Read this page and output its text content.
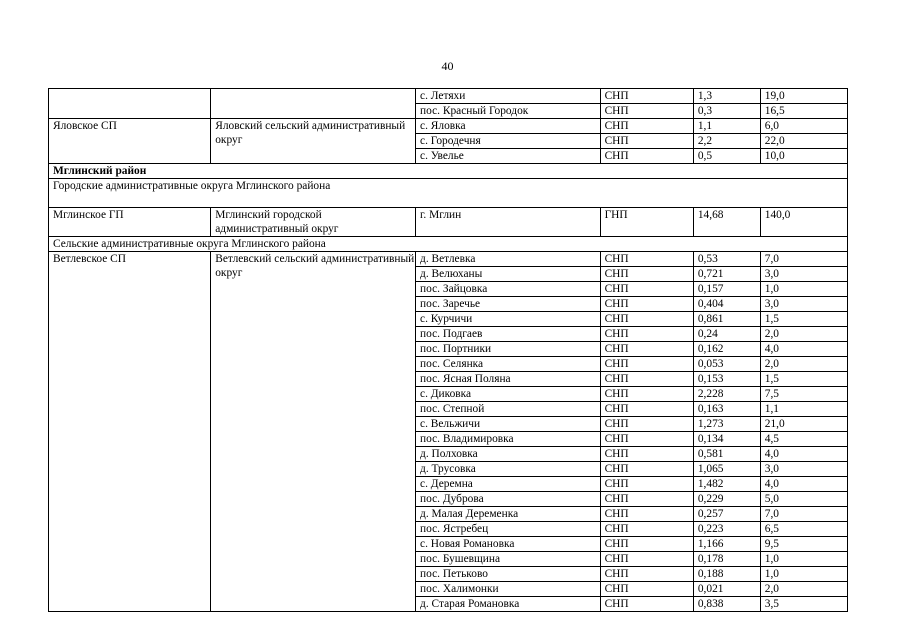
40
		с. Летяхи	СНП	1,3	19,0
		пос. Красный Городок	СНП	0,3	16,5
Яловское СП	Яловский сельский административный округ	с. Яловка	СНП	1,1	6,0
		с. Городечня	СНП	2,2	22,0
		с. Увелье	СНП	0,5	10,0
Мглинский район					
Городские административные округа Мглинского района					
Мглинское ГП	Мглинский городской административный округ	г. Мглин	ГНП	14,68	140,0
Сельские административные округа Мглинского района					
Ветлевское СП	Ветлевский сельский административный округ	д. Ветлевка	СНП	0,53	7,0
		д. Велюханы	СНП	0,721	3,0
		пос. Зайцовка	СНП	0,157	1,0
		пос. Заречье	СНП	0,404	3,0
		с. Курчичи	СНП	0,861	1,5
		пос. Подгаев	СНП	0,24	2,0
		пос. Портники	СНП	0,162	4,0
		пос. Селянка	СНП	0,053	2,0
		пос. Ясная Поляна	СНП	0,153	1,5
		с. Диковка	СНП	2,228	7,5
		пос. Степной	СНП	0,163	1,1
		с. Вельжичи	СНП	1,273	21,0
		пос. Владимировка	СНП	0,134	4,5
		д. Полховка	СНП	0,581	4,0
		д. Трусовка	СНП	1,065	3,0
		с. Деремна	СНП	1,482	4,0
		пос. Дуброва	СНП	0,229	5,0
		д. Малая Деременка	СНП	0,257	7,0
		пос. Ястребец	СНП	0,223	6,5
		с. Новая Романовка	СНП	1,166	9,5
		пос. Бушевщина	СНП	0,178	1,0
		пос. Петьково	СНП	0,188	1,0
		пос. Халимонки	СНП	0,021	2,0
		д. Старая Романовка	СНП	0,838	3,5
